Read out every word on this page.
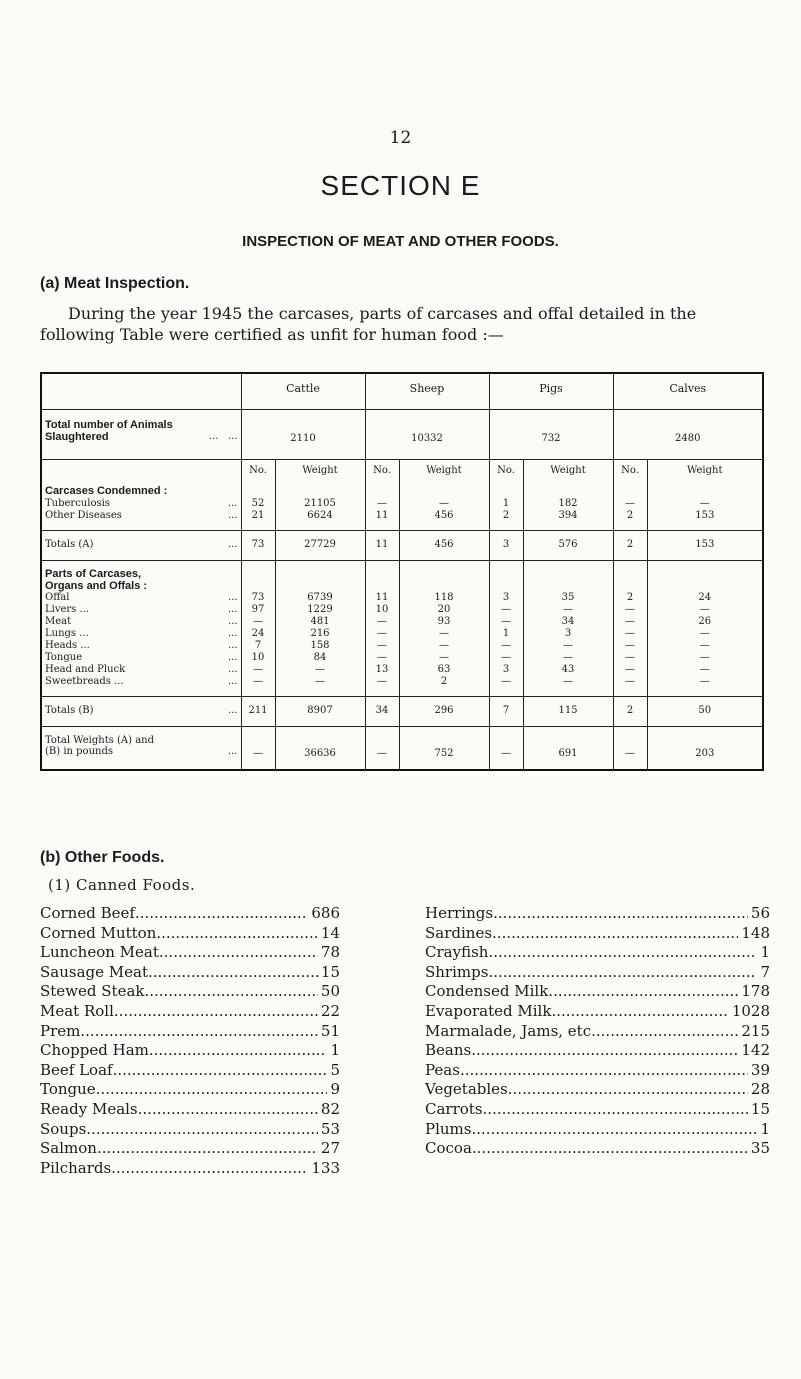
12
SECTION E
INSPECTION OF MEAT AND OTHER FOODS.
(a) Meat Inspection.
During the year 1945 the carcases, parts of carcases and offal detailed in the following Table were certified as unfit for human food :—
	Cattle		Sheep		Pigs		Calves	

Total number of Animals
Slaughtered ...   ...	2110		10332		732		2480	
	No.	Weight	No.	Weight	No.	Weight	No.	Weight
Carcases Condemned :								

Tuberculosis ...	52	21105	—	—	1	182	—	—

Other Diseases ...	21	6624	11	456	2	394	2	153

Totals (A) ...	73	27729	11	456	3	576	2	153

Parts of Carcases,
Organs and Offals :								

Offal ...	73	6739	11	118	3	35	2	24

Livers ... ...	97	1229	10	20	—	—	—	—

Meat ...	—	481	—	93	—	34	—	26

Lungs ... ...	24	216	—	—	1	3	—	—

Heads ... ...	7	158	—	—	—	—	—	—

Tongue ...	10	84	—	—	—	—	—	—

Head and Pluck ...	—	—	13	63	3	43	—	—

Sweetbreads ... ...	—	—	—	2	—	—	—	—

Totals (B) ...	211	8907	34	296	7	115	2	50

Total Weights (A) and
(B) in pounds ...	—	36636	—	752	—	691	—	203
(b) Other Foods.
(1) Canned Foods.
Corned Beef .....	686
Corned Mutton .....	14
Luncheon Meat .....	78
Sausage Meat .....	15
Stewed Steak .....	50
Meat Roll .....	22
Prem. .....	51
Chopped Ham .....	1
Beef Loaf .....	5
Tongue .....	9
Ready Meals .....	82
Soups .....	53
Salmon .....	27
Pilchards .....	133
Herrings .....	56
Sardines .....	148
Crayfish .....	1
Shrimps .....	7
Condensed Milk .....	178
Evaporated Milk .....	1028
Marmalade, Jams, etc. .....	215
Beans .....	142
Peas .....	39
Vegetables .....	28
Carrots .....	15
Plums .....	1
Cocoa .....	35
